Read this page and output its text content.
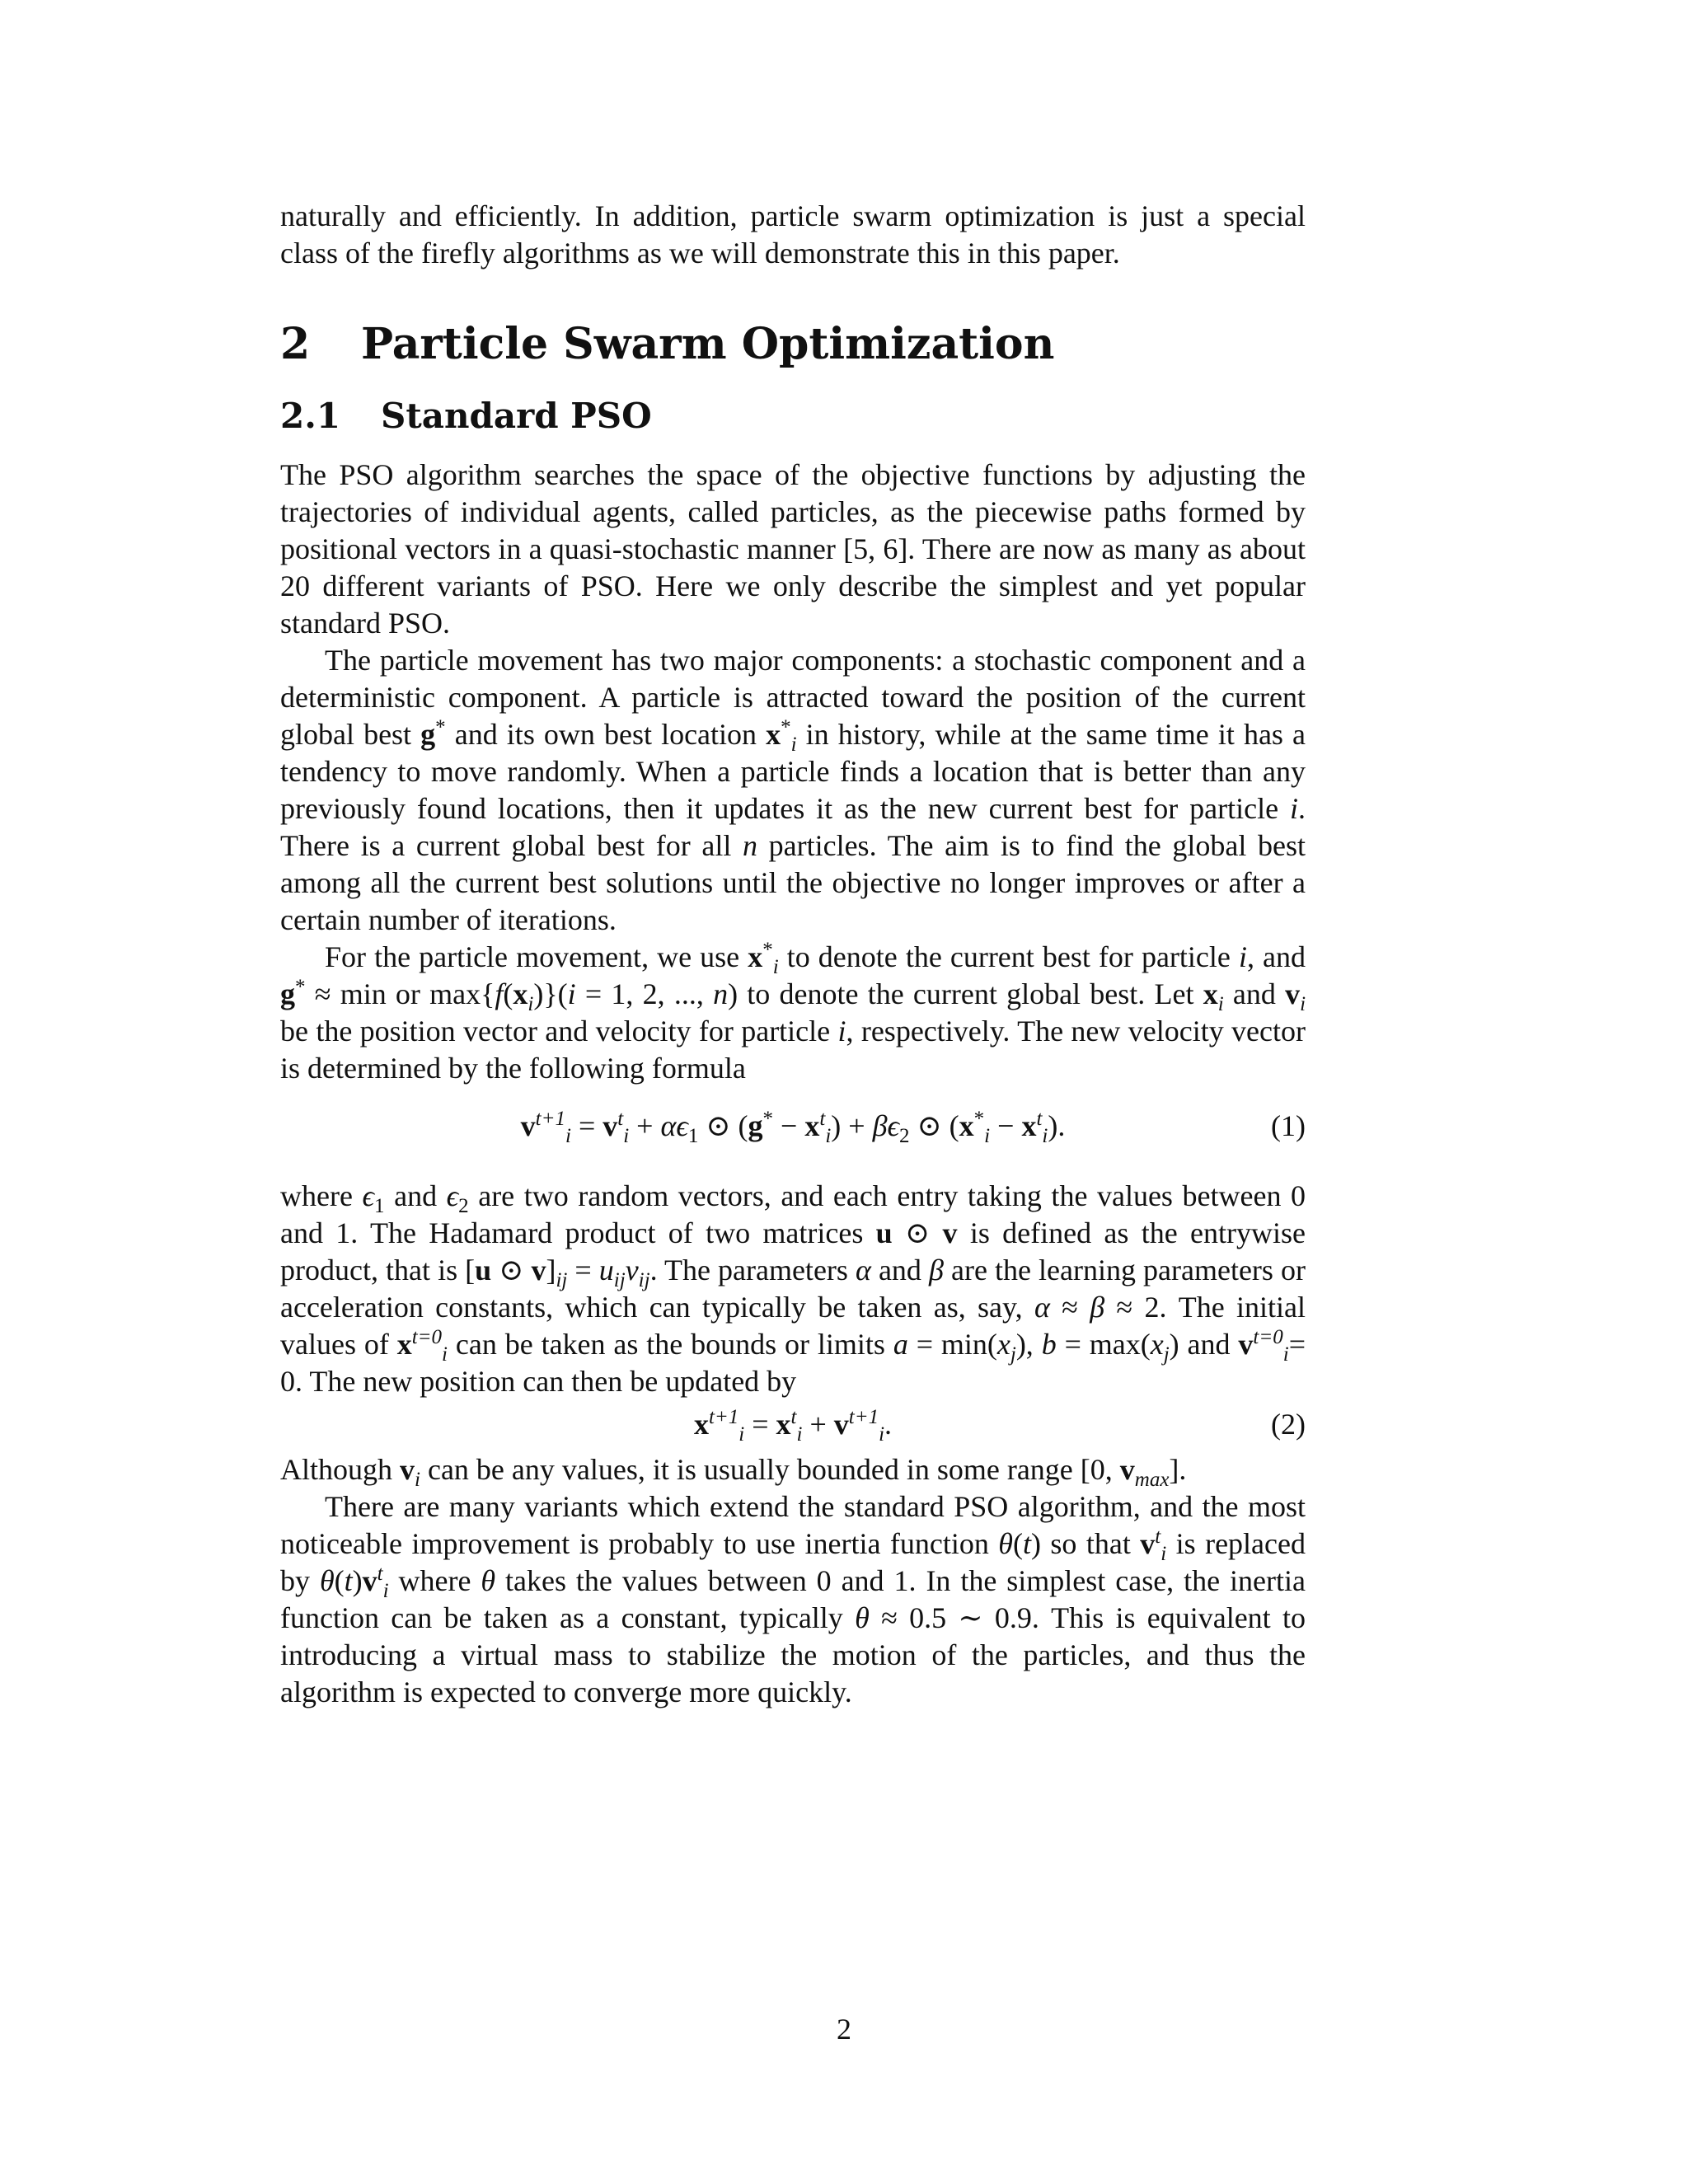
naturally and efficiently. In addition, particle swarm optimization is just a special class of the firefly algorithms as we will demonstrate this in this paper.

2 Particle Swarm Optimization
2.1 Standard PSO

The PSO algorithm searches the space of the objective functions by adjusting the trajectories of individual agents, called particles, as the piecewise paths formed by positional vectors in a quasi-stochastic manner [5, 6]. There are now as many as about 20 different variants of PSO. Here we only describe the simplest and yet popular standard PSO.

The particle movement has two major components: a stochastic component and a deterministic component. A particle is attracted toward the position of the current global best g* and its own best location $x^*_i$ in history, while at the same time it has a tendency to move randomly. When a particle finds a location that is better than any previously found locations, then it updates it as the new current best for particle i. There is a current global best for all n particles. The aim is to find the global best among all the current best solutions until the objective no longer improves or after a certain number of iterations.

For the particle movement, we use $x^*_i$ to denote the current best for particle i, and g* ≈ min or $\max\{f(x_i)\}(i = 1$, 2, ..., n) to denote the current global best. Let $x_i$ and $v_i$ be the position vector and velocity for particle i, respectively. The new velocity vector is determined by the following formula

$v^{t+1}_i = v^t_i + \alpha\epsilon_1$ ⊙ $(g^* - x^t_i) + \beta\epsilon_2$ ⊙ $(x^*_i - x^t_i)$.	(1)

where $\epsilon_1$ and $\epsilon_2$ are two random vectors, and each entry taking the values between 0 and 1. The Hadamard product of two matrices u ⊙ v is defined as the entrywise product, that is [u ⊙ $v]_{ij} = u_{ij}v_{ij}$. The parameters α and β are the learning parameters or acceleration constants, which can typically be taken as, say, α ≈ β ≈ 2. The initial values of $x^{t=0}_i$ can be taken as the bounds or limits $a = \min(x_j)$, $b = \max(x_j)$ and $v^{t=0}_i= 0$. The new position can then be updated by

$x^{t+1}_i = x^t_i + v^{t+1}_i$.	(2)

Although $v_i$ can be any values, it is usually bounded in some range [0, $v_{max}$].

There are many variants which extend the standard PSO algorithm, and the most noticeable improvement is probably to use inertia function θ(t) so that $v^t_i$ is replaced by $\theta(t)v^t_i$ where θ takes the values between 0 and 1. In the simplest case, the inertia function can be taken as a constant, typically θ ≈ 0.5 ∼ 0.9. This is equivalent to introducing a virtual mass to stabilize the motion of the particles, and thus the algorithm is expected to converge more quickly.

2
